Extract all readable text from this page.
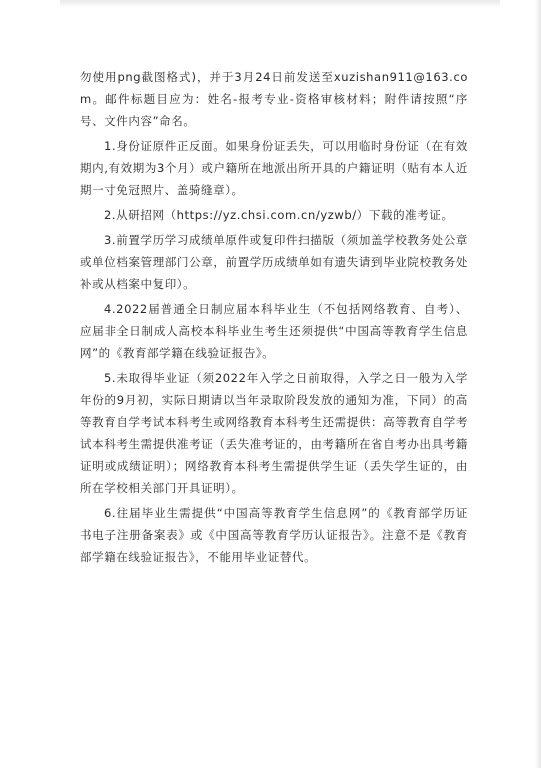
勿使用png截图格式)，并于3月24日前发送至xuzishan911@163.com。邮件标题目应为：姓名-报考专业-资格审核材料；附件请按照“序号、文件内容”命名。

1.身份证原件正反面。如果身份证丢失，可以用临时身份证（在有效期内,有效期为3个月）或户籍所在地派出所开具的户籍证明（贴有本人近期一寸免冠照片、盖骑缝章）。

2.从研招网（https://yz.chsi.com.cn/yzwb/）下载的准考证。

3.前置学历学习成绩单原件或复印件扫描版（须加盖学校教务处公章或单位档案管理部门公章，前置学历成绩单如有遗失请到毕业院校教务处补或从档案中复印）。

4.2022届普通全日制应届本科毕业生（不包括网络教育、自考）、应届非全日制成人高校本科毕业生考生还须提供“中国高等教育学生信息网”的《教育部学籍在线验证报告》。

5.未取得毕业证（须2022年入学之日前取得，入学之日一般为入学年份的9月初，实际日期请以当年录取阶段发放的通知为准，下同）的高等教育自学考试本科考生或网络教育本科考生还需提供：高等教育自学考试本科考生需提供准考证（丢失准考证的，由考籍所在省自考办出具考籍证明或成绩证明）；网络教育本科考生需提供学生证（丢失学生证的，由所在学校相关部门开具证明）。

6.往届毕业生需提供“中国高等教育学生信息网”的《教育部学历证书电子注册备案表》或《中国高等教育学历认证报告》。注意不是《教育部学籍在线验证报告》，不能用毕业证替代。
